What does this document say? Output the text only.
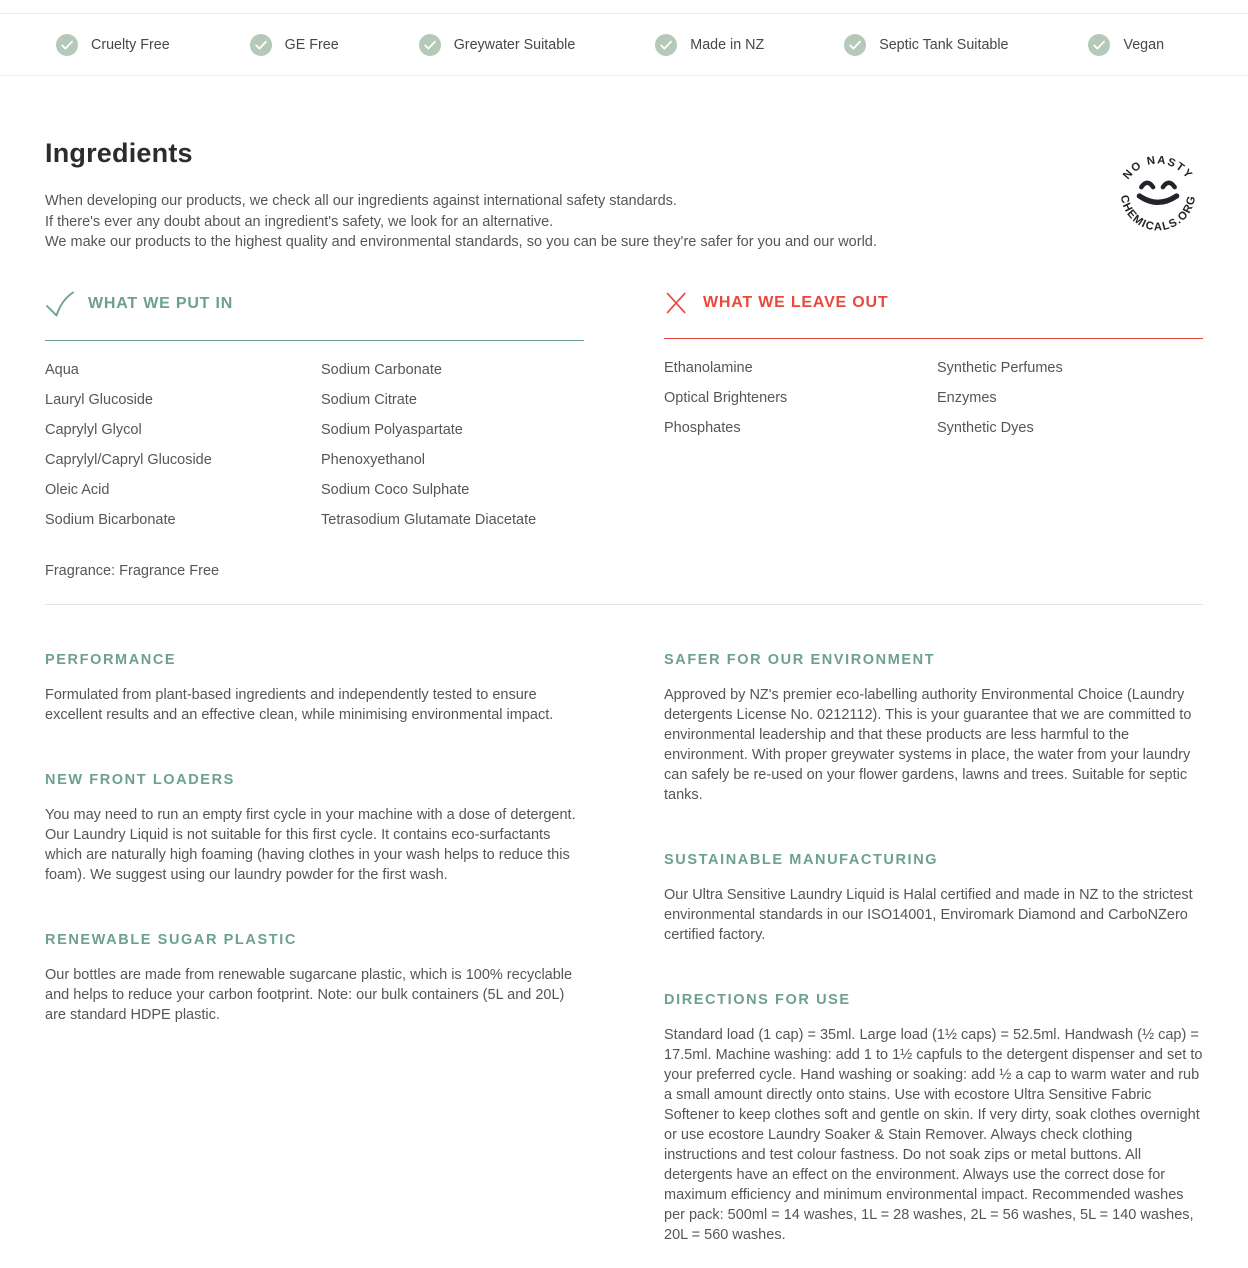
Cruelty Free	GE Free	Greywater Suitable	Made in NZ	Septic Tank Suitable	Vegan
Ingredients
When developing our products, we check all our ingredients against international safety standards.
If there's ever any doubt about an ingredient's safety, we look for an alternative.
We make our products to the highest quality and environmental standards, so you can be sure they're safer for you and our world.
NO NASTY
CHEMICALS.ORG
WHAT WE PUT IN
Aqua
Lauryl Glucoside
Caprylyl Glycol
Caprylyl/Capryl Glucoside
Oleic Acid
Sodium Bicarbonate
Sodium Carbonate
Sodium Citrate
Sodium Polyaspartate
Phenoxyethanol
Sodium Coco Sulphate
Tetrasodium Glutamate Diacetate
Fragrance: Fragrance Free
WHAT WE LEAVE OUT
Ethanolamine
Optical Brighteners
Phosphates
Synthetic Perfumes
Enzymes
Synthetic Dyes
PERFORMANCE

Formulated from plant-based ingredients and independently tested to ensure excellent results and an effective clean, while minimising environmental impact.

NEW FRONT LOADERS

You may need to run an empty first cycle in your machine with a dose of detergent. Our Laundry Liquid is not suitable for this first cycle. It contains eco-surfactants which are naturally high foaming (having clothes in your wash helps to reduce this foam). We suggest using our laundry powder for the first wash.

RENEWABLE SUGAR PLASTIC

Our bottles are made from renewable sugarcane plastic, which is 100% recyclable and helps to reduce your carbon footprint. Note: our bulk containers (5L and 20L) are standard HDPE plastic.

SAFER FOR OUR ENVIRONMENT

Approved by NZ's premier eco-labelling authority Environmental Choice (Laundry detergents License No. 0212112). This is your guarantee that we are committed to environmental leadership and that these products are less harmful to the environment. With proper greywater systems in place, the water from your laundry can safely be re-used on your flower gardens, lawns and trees. Suitable for septic tanks.

SUSTAINABLE MANUFACTURING

Our Ultra Sensitive Laundry Liquid is Halal certified and made in NZ to the strictest environmental standards in our ISO14001, Enviromark Diamond and CarboNZero certified factory.

DIRECTIONS FOR USE

Standard load (1 cap) = 35ml. Large load (1½ caps) = 52.5ml. Handwash (½ cap) = 17.5ml. Machine washing: add 1 to 1½ capfuls to the detergent dispenser and set to your preferred cycle. Hand washing or soaking: add ½ a cap to warm water and rub a small amount directly onto stains. Use with ecostore Ultra Sensitive Fabric Softener to keep clothes soft and gentle on skin. If very dirty, soak clothes overnight or use ecostore Laundry Soaker & Stain Remover. Always check clothing instructions and test colour fastness. Do not soak zips or metal buttons. All detergents have an effect on the environment. Always use the correct dose for maximum efficiency and minimum environmental impact. Recommended washes per pack: 500ml = 14 washes, 1L = 28 washes, 2L = 56 washes, 5L = 140 washes, 20L = 560 washes.
